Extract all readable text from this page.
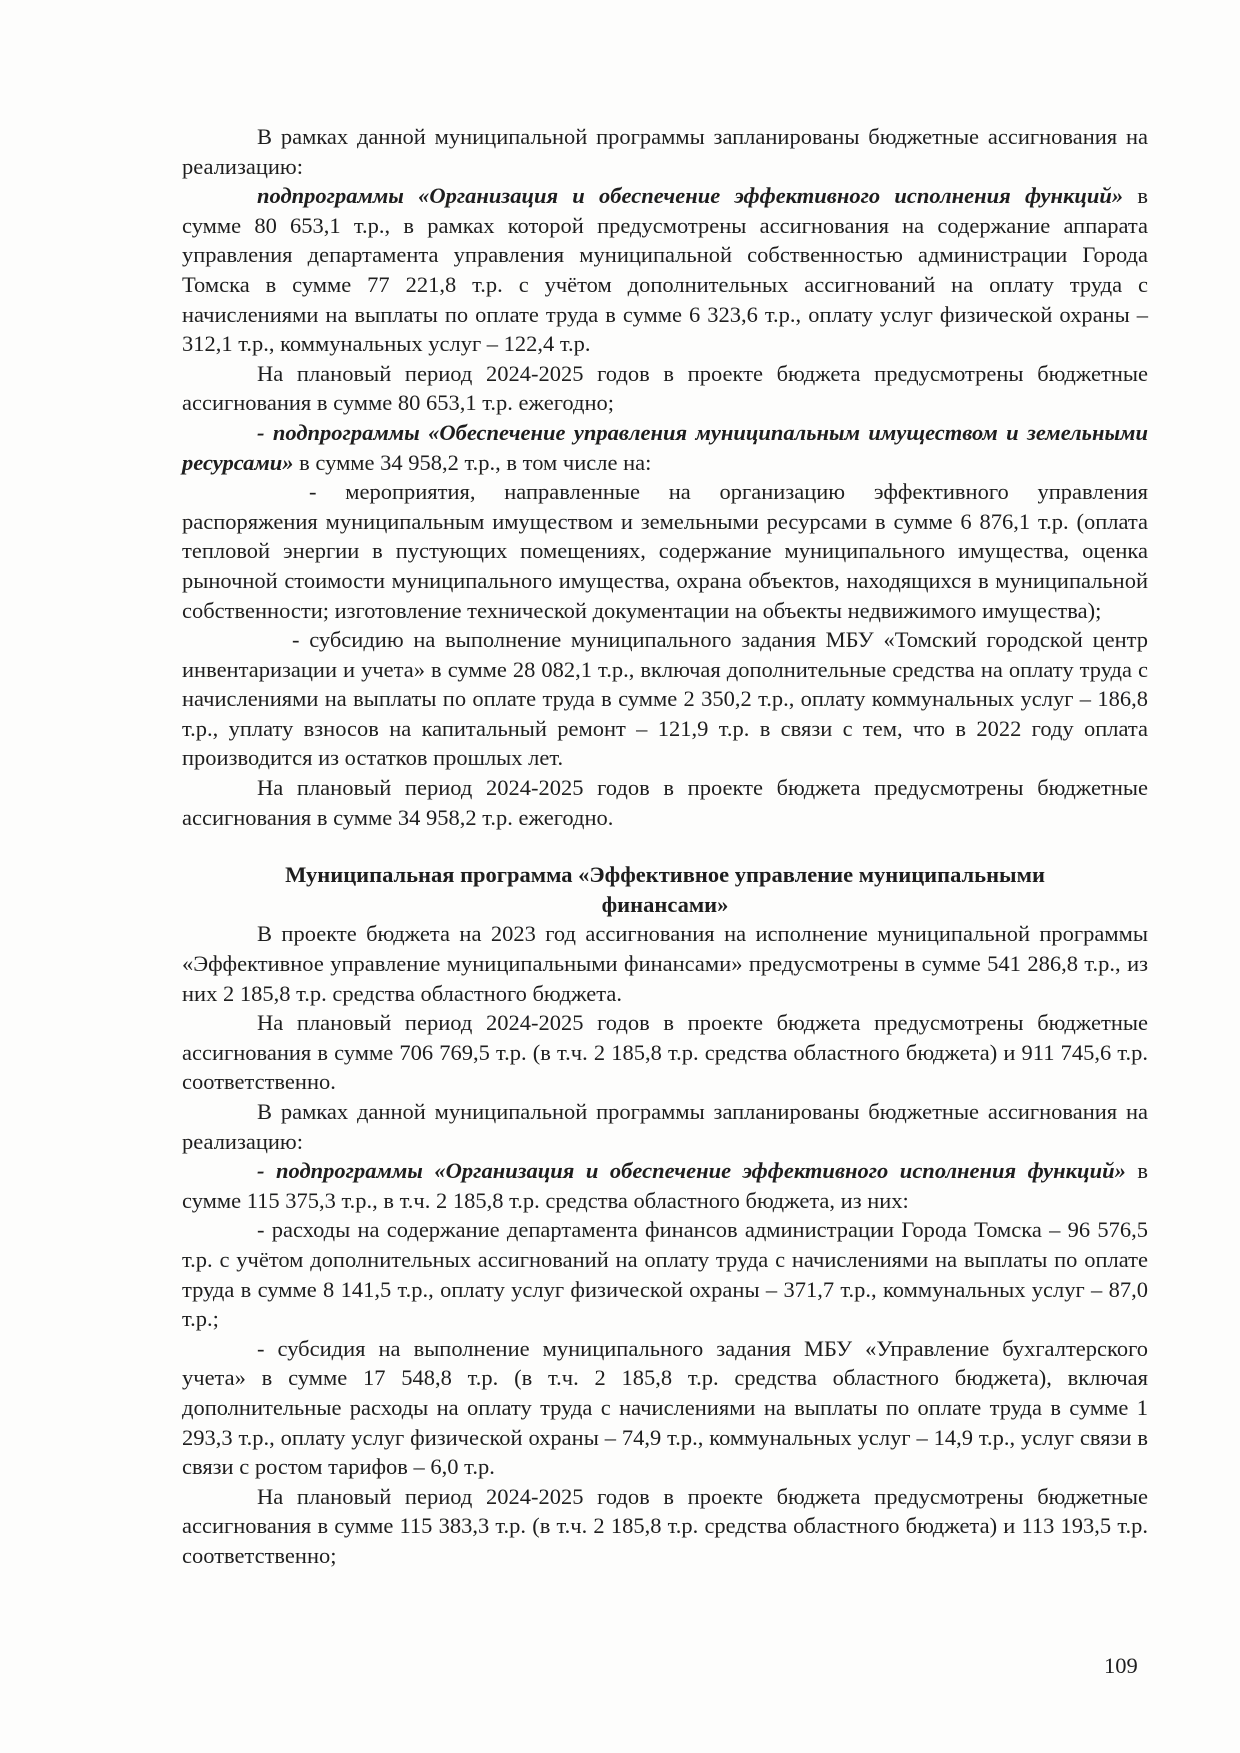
В рамках данной муниципальной программы запланированы бюджетные ассигнования на реализацию:

подпрограммы «Организация и обеспечение эффективного исполнения функций» в сумме 80 653,1 т.р., в рамках которой предусмотрены ассигнования на содержание аппарата управления департамента управления муниципальной собственностью администрации Города Томска в сумме 77 221,8 т.р. с учётом дополнительных ассигнований на оплату труда с начислениями на выплаты по оплате труда в сумме 6 323,6 т.р., оплату услуг физической охраны – 312,1 т.р., коммунальных услуг – 122,4 т.р.

На плановый период 2024-2025 годов в проекте бюджета предусмотрены бюджетные ассигнования в сумме 80 653,1 т.р. ежегодно;

- подпрограммы «Обеспечение управления муниципальным имуществом и земельными ресурсами» в сумме 34 958,2 т.р., в том числе на:

- мероприятия, направленные на организацию эффективного управления распоряжения муниципальным имуществом и земельными ресурсами в сумме 6 876,1 т.р. (оплата тепловой энергии в пустующих помещениях, содержание муниципального имущества, оценка рыночной стоимости муниципального имущества, охрана объектов, находящихся в муниципальной собственности; изготовление технической документации на объекты недвижимого имущества);

- субсидию на выполнение муниципального задания МБУ «Томский городской центр инвентаризации и учета» в сумме 28 082,1 т.р., включая дополнительные средства на оплату труда с начислениями на выплаты по оплате труда в сумме 2 350,2 т.р., оплату коммунальных услуг – 186,8 т.р., уплату взносов на капитальный ремонт – 121,9 т.р. в связи с тем, что в 2022 году оплата производится из остатков прошлых лет.

На плановый период 2024-2025 годов в проекте бюджета предусмотрены бюджетные ассигнования в сумме 34 958,2 т.р. ежегодно.

Муниципальная программа «Эффективное управление муниципальными финансами»

В проекте бюджета на 2023 год ассигнования на исполнение муниципальной программы «Эффективное управление муниципальными финансами» предусмотрены в сумме 541 286,8 т.р., из них 2 185,8 т.р. средства областного бюджета.

На плановый период 2024-2025 годов в проекте бюджета предусмотрены бюджетные ассигнования в сумме 706 769,5 т.р. (в т.ч. 2 185,8 т.р. средства областного бюджета) и 911 745,6 т.р. соответственно.

В рамках данной муниципальной программы запланированы бюджетные ассигнования на реализацию:

- подпрограммы «Организация и обеспечение эффективного исполнения функций» в сумме 115 375,3 т.р., в т.ч. 2 185,8 т.р. средства областного бюджета, из них:

- расходы на содержание департамента финансов администрации Города Томска – 96 576,5 т.р. с учётом дополнительных ассигнований на оплату труда с начислениями на выплаты по оплате труда в сумме 8 141,5 т.р., оплату услуг физической охраны – 371,7 т.р., коммунальных услуг – 87,0 т.р.;

- субсидия на выполнение муниципального задания МБУ «Управление бухгалтерского учета» в сумме 17 548,8 т.р. (в т.ч. 2 185,8 т.р. средства областного бюджета), включая дополнительные расходы на оплату труда с начислениями на выплаты по оплате труда в сумме 1 293,3 т.р., оплату услуг физической охраны – 74,9 т.р., коммунальных услуг – 14,9 т.р., услуг связи в связи с ростом тарифов – 6,0 т.р.

На плановый период 2024-2025 годов в проекте бюджета предусмотрены бюджетные ассигнования в сумме 115 383,3 т.р. (в т.ч. 2 185,8 т.р. средства областного бюджета) и 113 193,5 т.р. соответственно;

109
